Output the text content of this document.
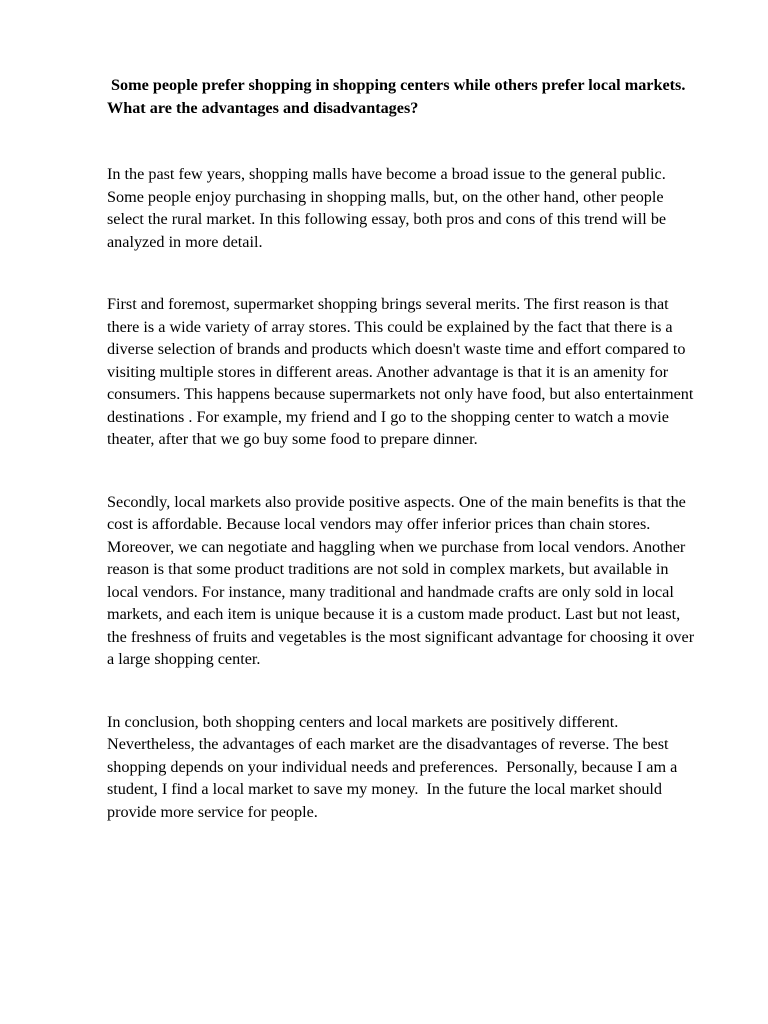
Some people prefer shopping in shopping centers while others prefer local markets. What are the advantages and disadvantages?

In the past few years, shopping malls have become a broad issue to the general public. Some people enjoy purchasing in shopping malls, but, on the other hand, other people select the rural market. In this following essay, both pros and cons of this trend will be analyzed in more detail.

First and foremost, supermarket shopping brings several merits. The first reason is that there is a wide variety of array stores. This could be explained by the fact that there is a diverse selection of brands and products which doesn't waste time and effort compared to visiting multiple stores in different areas. Another advantage is that it is an amenity for consumers. This happens because supermarkets not only have food, but also entertainment destinations . For example, my friend and I go to the shopping center to watch a movie theater, after that we go buy some food to prepare dinner.

Secondly, local markets also provide positive aspects. One of the main benefits is that the cost is affordable. Because local vendors may offer inferior prices than chain stores. Moreover, we can negotiate and haggling when we purchase from local vendors. Another reason is that some product traditions are not sold in complex markets, but available in local vendors. For instance, many traditional and handmade crafts are only sold in local markets, and each item is unique because it is a custom made product. Last but not least, the freshness of fruits and vegetables is the most significant advantage for choosing it over a large shopping center.

In conclusion, both shopping centers and local markets are positively different. Nevertheless, the advantages of each market are the disadvantages of reverse. The best shopping depends on your individual needs and preferences.  Personally, because I am a student, I find a local market to save my money.  In the future the local market should provide more service for people.
